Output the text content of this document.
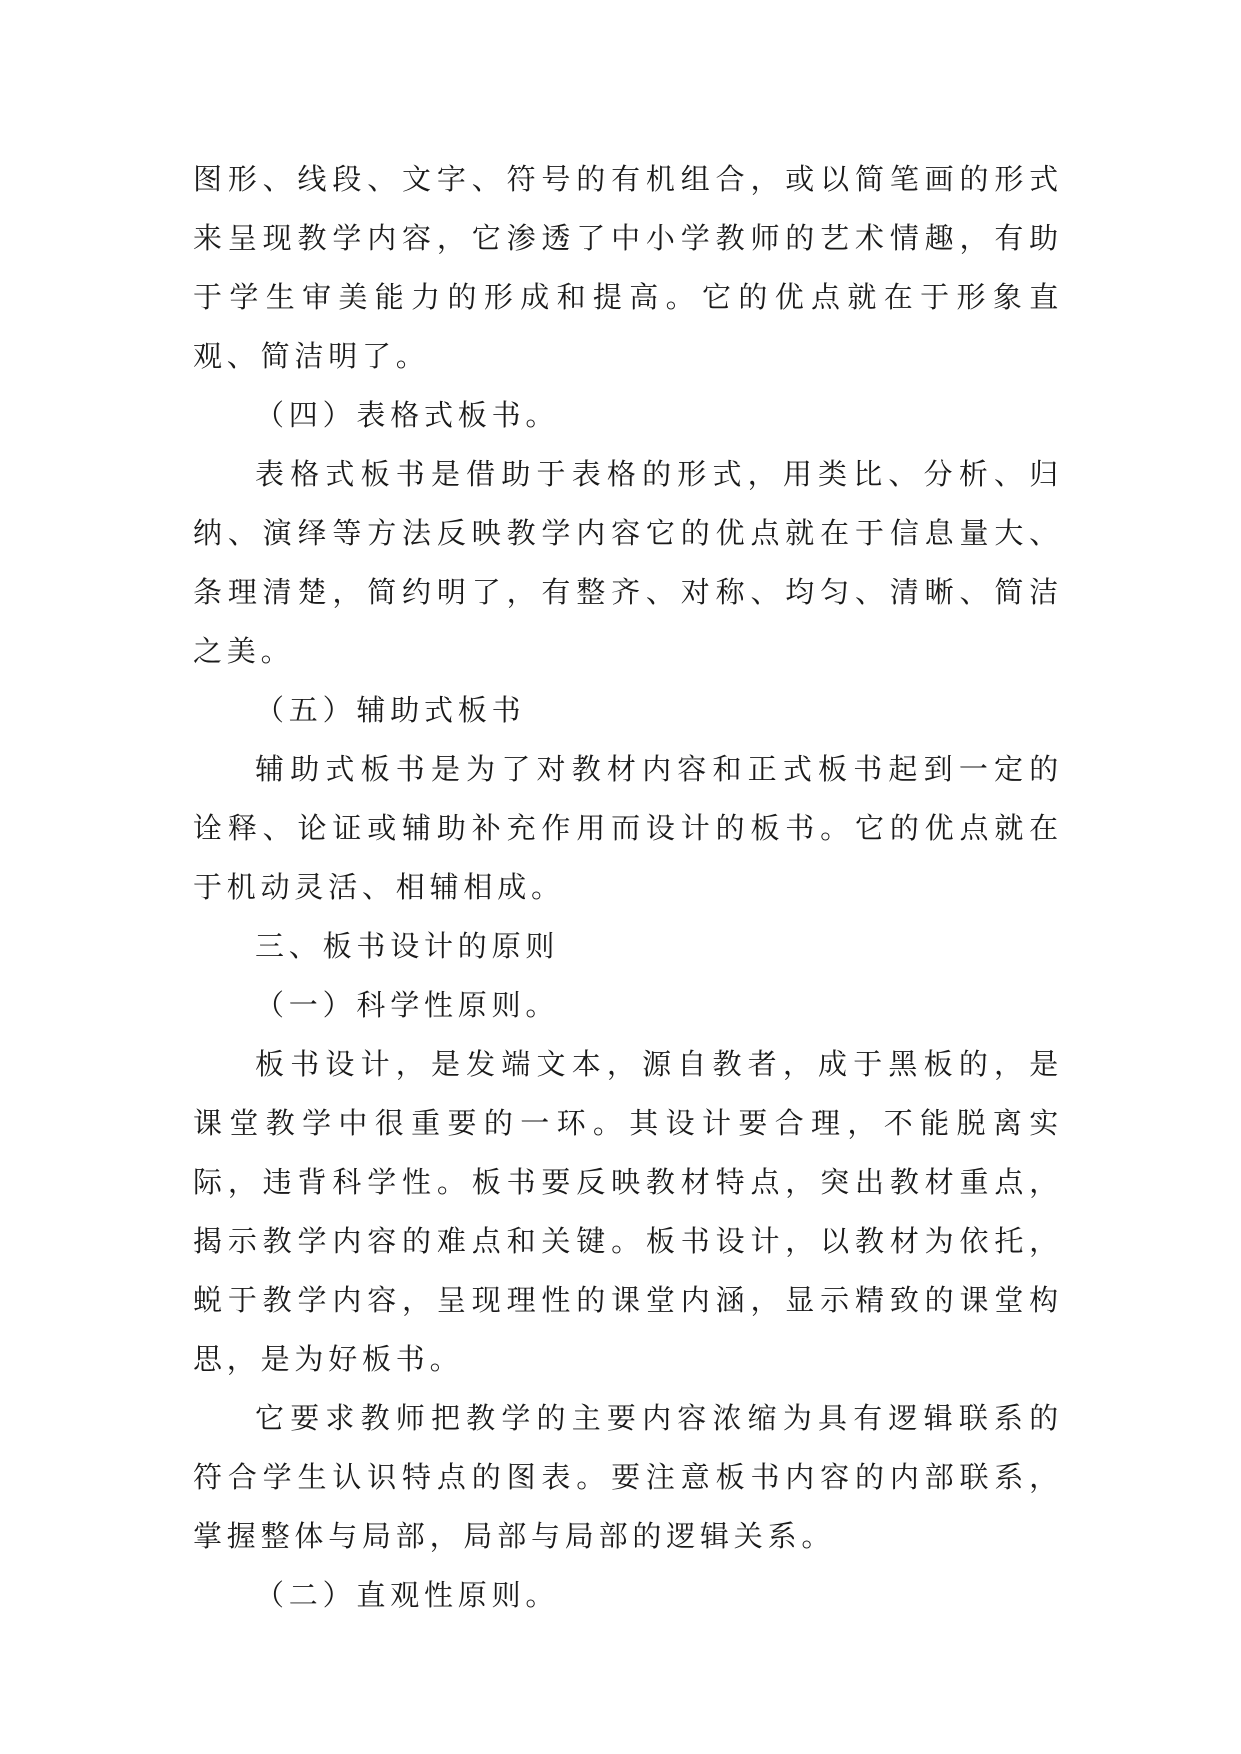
图形、线段、文字、符号的有机组合，或以简笔画的形式来呈现教学内容，它渗透了中小学教师的艺术情趣，有助于学生审美能力的形成和提高。它的优点就在于形象直观、简洁明了。

（四）表格式板书。

表格式板书是借助于表格的形式，用类比、分析、归纳、演绎等方法反映教学内容它的优点就在于信息量大、条理清楚，简约明了，有整齐、对称、均匀、清晰、简洁之美。

（五）辅助式板书

辅助式板书是为了对教材内容和正式板书起到一定的诠释、论证或辅助补充作用而设计的板书。它的优点就在于机动灵活、相辅相成。

三、板书设计的原则

（一）科学性原则。

板书设计，是发端文本，源自教者，成于黑板的，是课堂教学中很重要的一环。其设计要合理，不能脱离实际，违背科学性。板书要反映教材特点，突出教材重点，揭示教学内容的难点和关键。板书设计，以教材为依托，蜕于教学内容，呈现理性的课堂内涵，显示精致的课堂构思，是为好板书。

它要求教师把教学的主要内容浓缩为具有逻辑联系的符合学生认识特点的图表。要注意板书内容的内部联系，掌握整体与局部，局部与局部的逻辑关系。

（二）直观性原则。
